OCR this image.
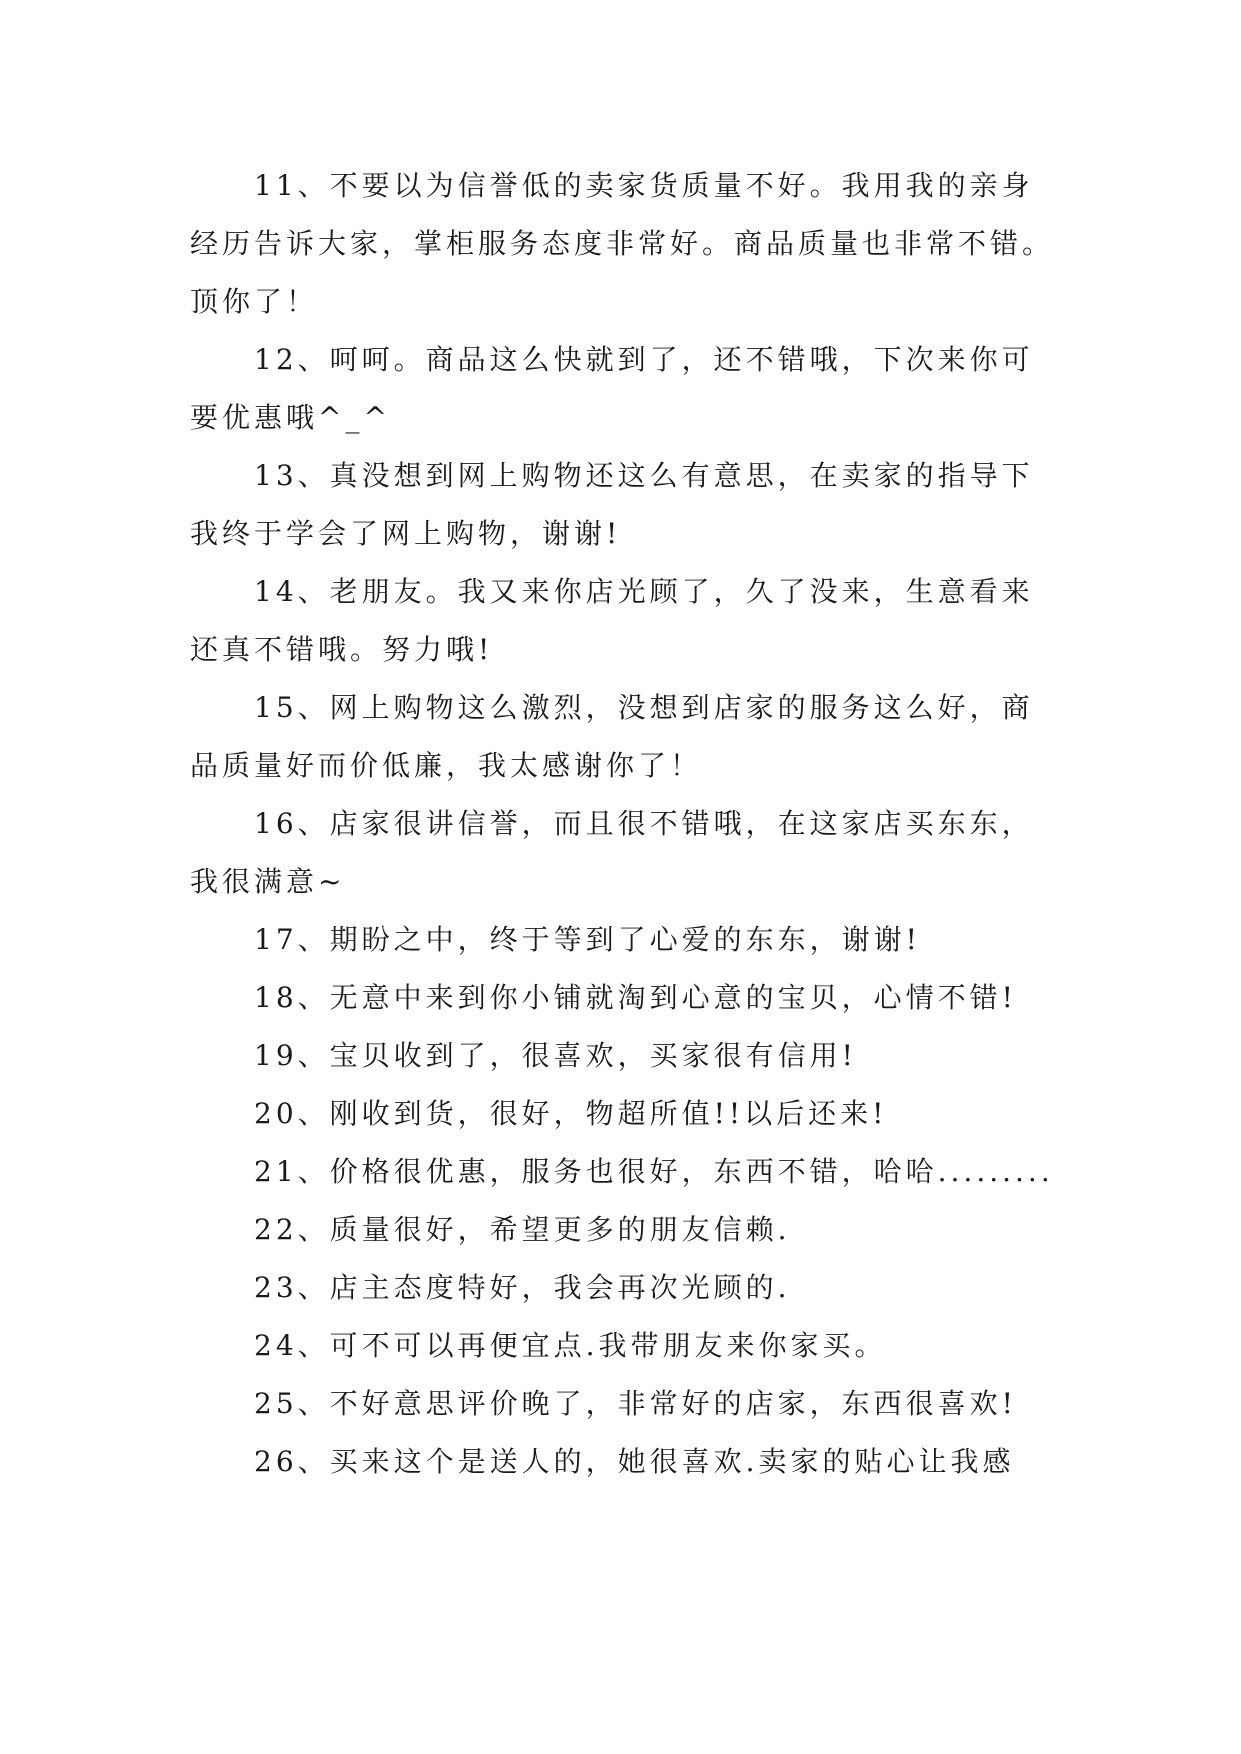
11、不要以为信誉低的卖家货质量不好。我用我的亲身经历告诉大家，掌柜服务态度非常好。商品质量也非常不错。顶你了！

12、呵呵。商品这么快就到了，还不错哦，下次来你可要优惠哦^_^

13、真没想到网上购物还这么有意思，在卖家的指导下我终于学会了网上购物，谢谢!

14、老朋友。我又来你店光顾了，久了没来，生意看来还真不错哦。努力哦!

15、网上购物这么激烈，没想到店家的服务这么好，商品质量好而价低廉，我太感谢你了！

16、店家很讲信誉，而且很不错哦，在这家店买东东，我很满意~

17、期盼之中，终于等到了心爱的东东，谢谢!

18、无意中来到你小铺就淘到心意的宝贝，心情不错!

19、宝贝收到了，很喜欢，买家很有信用!

20、刚收到货，很好，物超所值!!以后还来!

21、价格很优惠，服务也很好，东西不错，哈哈.........

22、质量很好，希望更多的朋友信赖.

23、店主态度特好，我会再次光顾的.

24、可不可以再便宜点.我带朋友来你家买。

25、不好意思评价晚了，非常好的店家，东西很喜欢!

26、买来这个是送人的，她很喜欢.卖家的贴心让我感
